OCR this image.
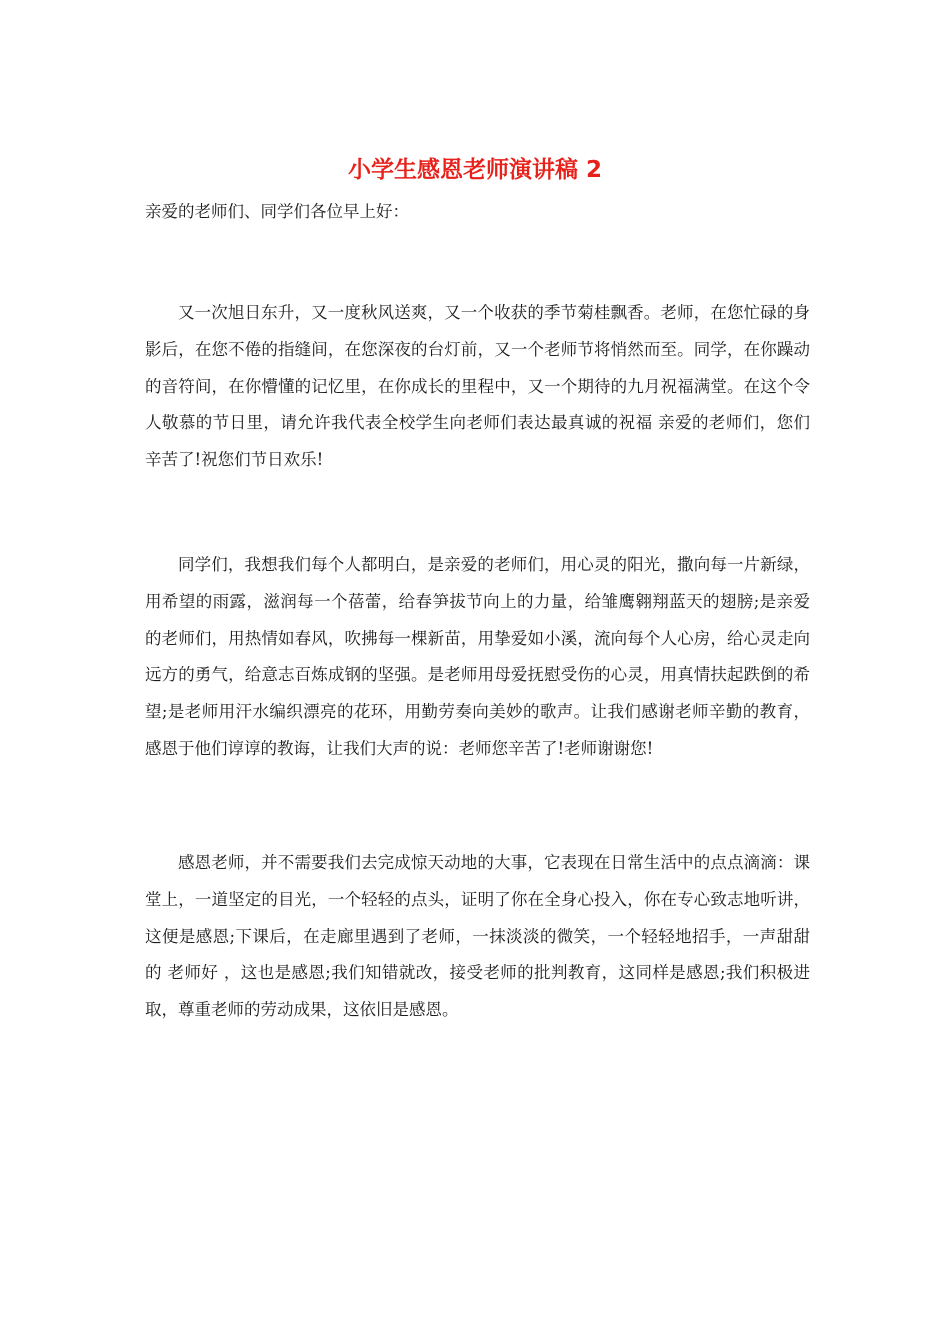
小学生感恩老师演讲稿 2

亲爱的老师们、同学们各位早上好：

又一次旭日东升，又一度秋风送爽，又一个收获的季节菊桂飘香。老师，在您忙碌的身影后，在您不倦的指缝间，在您深夜的台灯前，又一个老师节将悄然而至。同学，在你躁动的音符间，在你懵懂的记忆里，在你成长的里程中，又一个期待的九月祝福满堂。在这个令人敬慕的节日里，请允许我代表全校学生向老师们表达最真诚的祝福 亲爱的老师们，您们辛苦了!祝您们节日欢乐!

同学们，我想我们每个人都明白，是亲爱的老师们，用心灵的阳光，撒向每一片新绿，用希望的雨露，滋润每一个蓓蕾，给春笋拔节向上的力量，给雏鹰翱翔蓝天的翅膀;是亲爱的老师们，用热情如春风，吹拂每一棵新苗，用挚爱如小溪，流向每个人心房，给心灵走向远方的勇气，给意志百炼成钢的坚强。是老师用母爱抚慰受伤的心灵，用真情扶起跌倒的希望;是老师用汗水编织漂亮的花环，用勤劳奏向美妙的歌声。让我们感谢老师辛勤的教育，感恩于他们谆谆的教诲，让我们大声的说：老师您辛苦了!老师谢谢您!

感恩老师，并不需要我们去完成惊天动地的大事，它表现在日常生活中的点点滴滴：课堂上，一道坚定的目光，一个轻轻的点头，证明了你在全身心投入，你在专心致志地听讲，这便是感恩;下课后，在走廊里遇到了老师，一抹淡淡的微笑，一个轻轻地招手，一声甜甜的 老师好 ，这也是感恩;我们知错就改，接受老师的批判教育，这同样是感恩;我们积极进取，尊重老师的劳动成果，这依旧是感恩。
